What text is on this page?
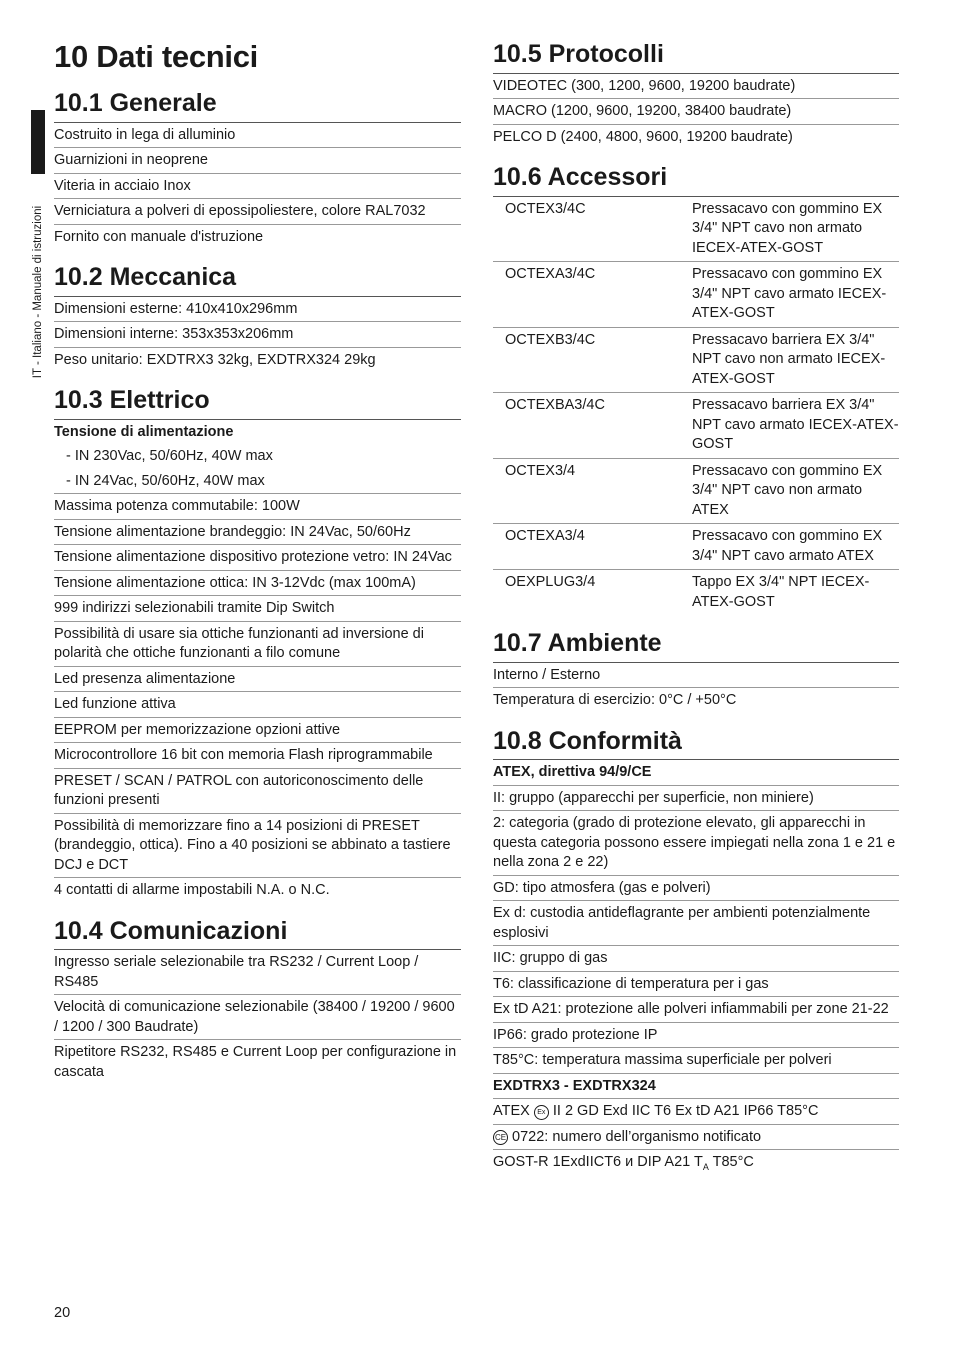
IT - Italiano - Manuale di istruzioni
10 Dati tecnici
10.1 Generale
Costruito in lega di alluminio
Guarnizioni in neoprene
Viteria in acciaio Inox
Verniciatura a polveri di epossipoliestere, colore RAL7032
Fornito con manuale d'istruzione
10.2 Meccanica
Dimensioni esterne: 410x410x296mm
Dimensioni interne: 353x353x206mm
Peso unitario: EXDTRX3 32kg, EXDTRX324 29kg
10.3 Elettrico
Tensione di alimentazione
- IN 230Vac, 50/60Hz, 40W max
- IN 24Vac, 50/60Hz, 40W max
Massima potenza commutabile: 100W
Tensione alimentazione brandeggio: IN 24Vac, 50/60Hz
Tensione alimentazione dispositivo protezione vetro: IN 24Vac
Tensione alimentazione ottica: IN 3-12Vdc (max 100mA)
999 indirizzi selezionabili tramite Dip Switch
Possibilità di usare sia ottiche funzionanti ad inversione di polarità che ottiche funzionanti a filo comune
Led presenza alimentazione
Led funzione attiva
EEPROM per memorizzazione opzioni attive
Microcontrollore 16 bit con memoria Flash riprogrammabile
PRESET / SCAN / PATROL con autoriconoscimento delle funzioni presenti
Possibilità di memorizzare fino a 14 posizioni di PRESET (brandeggio, ottica). Fino a 40 posizioni se abbinato a tastiere DCJ e DCT
4 contatti di allarme impostabili N.A. o N.C.
10.4 Comunicazioni
Ingresso seriale selezionabile tra RS232 / Current Loop / RS485
Velocità di comunicazione selezionabile (38400 / 19200 / 9600 / 1200 / 300 Baudrate)
Ripetitore RS232, RS485 e Current Loop per configurazione in cascata
10.5 Protocolli
VIDEOTEC (300, 1200, 9600, 19200 baudrate)
MACRO (1200, 9600, 19200, 38400 baudrate)
PELCO D (2400, 4800, 9600, 19200 baudrate)
10.6 Accessori
OCTEX3/4C	Pressacavo con gommino EX 3/4" NPT cavo non armato IECEX-ATEX-GOST
OCTEXA3/4C	Pressacavo con gommino EX 3/4" NPT cavo armato IECEX-ATEX-GOST
OCTEXB3/4C	Pressacavo barriera EX 3/4" NPT cavo non armato IECEX-ATEX-GOST
OCTEXBA3/4C	Pressacavo barriera EX 3/4" NPT cavo armato IECEX-ATEX-GOST
OCTEX3/4	Pressacavo con gommino EX 3/4" NPT cavo non armato ATEX
OCTEXA3/4	Pressacavo con gommino EX 3/4" NPT cavo armato ATEX
OEXPLUG3/4	Tappo EX 3/4" NPT IECEX-ATEX-GOST
10.7 Ambiente
Interno / Esterno
Temperatura di esercizio: 0°C / +50°C
10.8 Conformità
ATEX, direttiva 94/9/CE
II: gruppo (apparecchi per superficie, non miniere)
2: categoria (grado di protezione elevato, gli apparecchi in questa categoria possono essere impiegati nella zona 1 e 21 e nella zona 2 e 22)
GD: tipo atmosfera (gas e polveri)
Ex d: custodia antideflagrante per ambienti potenzialmente esplosivi
IIC: gruppo di gas
T6: classificazione di temperatura per i gas
Ex tD A21: protezione alle polveri infiammabili per zone 21-22
IP66: grado protezione IP
T85°C: temperatura massima superficiale per polveri
EXDTRX3 - EXDTRX324
ATEX Ex II 2 GD Exd IIC T6 Ex tD A21 IP66 T85°C
CE 0722: numero dell’organismo notificato
GOST-R 1ExdIICT6 и DIP A21 $T_A$ T85°C
20
